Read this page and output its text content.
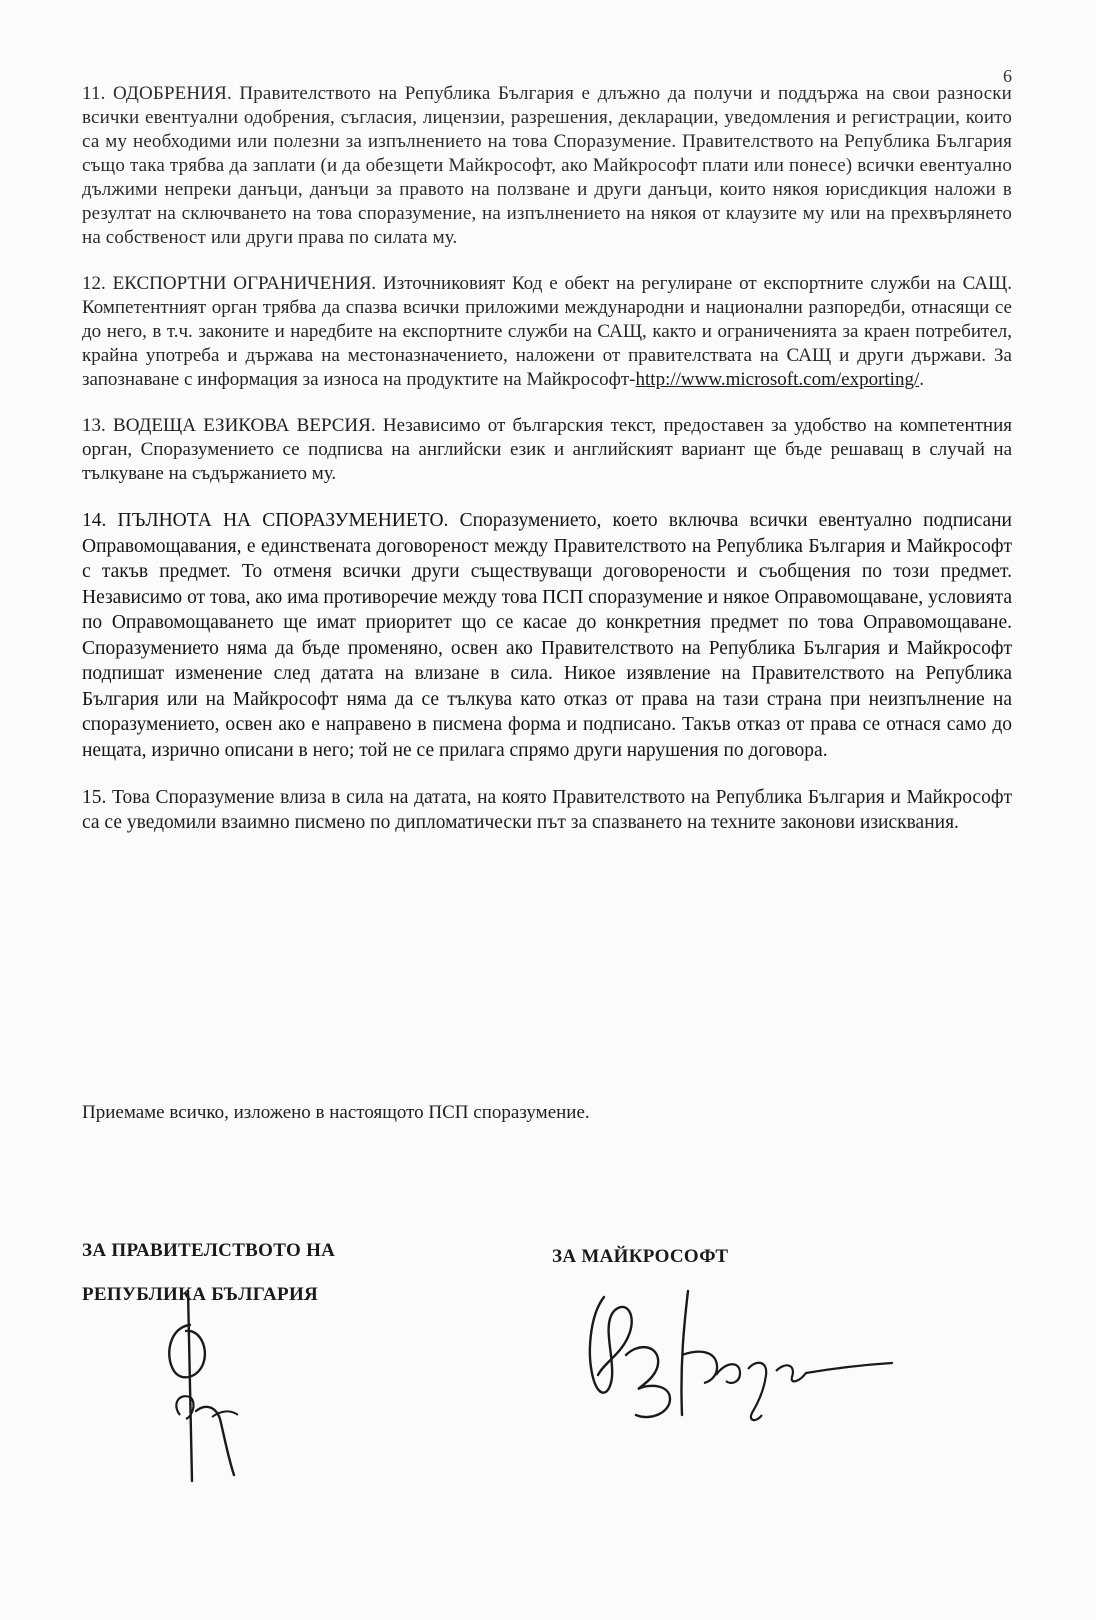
6

11. ОДОБРЕНИЯ. Правителството на Република България е длъжно да получи и поддържа на свои разноски всички евентуални одобрения, съгласия, лицензии, разрешения, декларации, уведомления и регистрации, които са му необходими или полезни за изпълнението на това Споразумение. Правителството на Република България също така трябва да заплати (и да обезщети Майкрософт, ако Майкрософт плати или понесе) всички евентуално дължими непреки данъци, данъци за правото на ползване и други данъци, които някоя юрисдикция наложи в резултат на сключването на това споразумение, на изпълнението на някоя от клаузите му или на прехвърлянето на собственост или други права по силата му.

12. ЕКСПОРТНИ ОГРАНИЧЕНИЯ. Източниковият Код е обект на регулиране от експортните служби на САЩ. Компетентният орган трябва да спазва всички приложими международни и национални разпоредби, отнасящи се до него, в т.ч. законите и наредбите на експортните служби на САЩ, както и ограниченията за краен потребител, крайна употреба и държава на местоназначението, наложени от правителствата на САЩ и други държави. За запознаване с информация за износа на продуктите на Майкрософт-http://www.microsoft.com/exporting/.

13. ВОДЕЩА ЕЗИКОВА ВЕРСИЯ. Независимо от българския текст, предоставен за удобство на компетентния орган, Споразумението се подписва на английски език и английският вариант ще бъде решаващ в случай на тълкуване на съдържанието му.

14. ПЪЛНОТА НА СПОРАЗУМЕНИЕТО. Споразумението, което включва всички евентуално подписани Оправомощавания, е единствената договореност между Правителството на Република България и Майкрософт с такъв предмет. То отменя всички други съществуващи договорености и съобщения по този предмет. Независимо от това, ако има противоречие между това ПСП споразумение и някое Оправомощаване, условията по Оправомощаването ще имат приоритет що се касае до конкретния предмет по това Оправомощаване. Споразумението няма да бъде променяно, освен ако Правителството на Република България и Майкрософт подпишат изменение след датата на влизане в сила. Никое изявление на Правителството на Република България или на Майкрософт няма да се тълкува като отказ от права на тази страна при неизпълнение на споразумението, освен ако е направено в писмена форма и подписано. Такъв отказ от права се отнася само до нещата, изрично описани в него; той не се прилага спрямо други нарушения по договора.

15. Това Споразумение влиза в сила на датата, на която Правителството на Република България и Майкрософт са се уведомили взаимно писмено по дипломатически път за спазването на техните законови изисквания.

Приемаме всичко, изложено в настоящото ПСП споразумение.
ЗА ПРАВИТЕЛСТВОТО НА
РЕПУБЛИКА БЪЛГАРИЯ
ЗА МАЙКРОСОФТ
